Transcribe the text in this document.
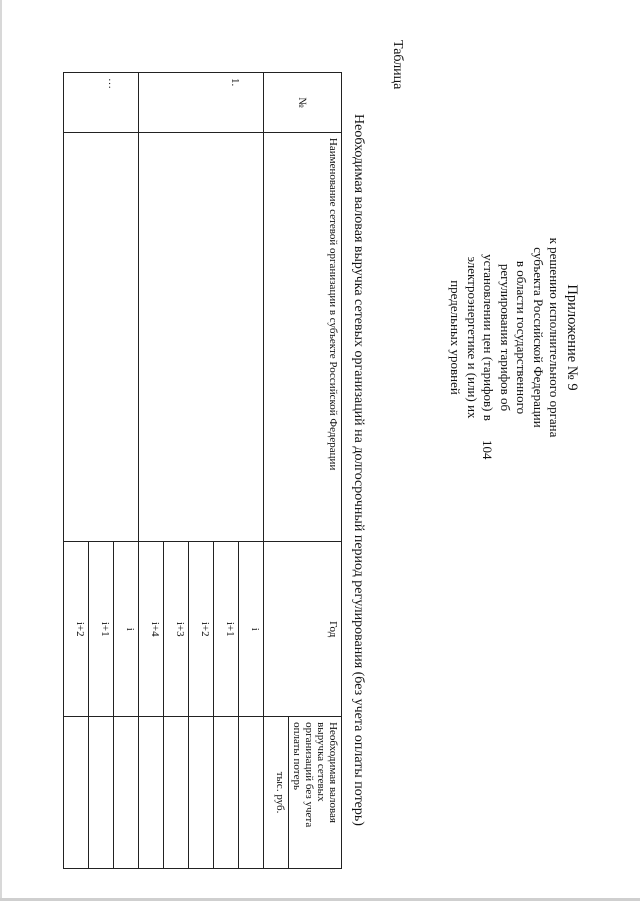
104
Приложение № 9
к решению исполнительного органа
субъекта Российской Федерации
в области государственного
регулирования тарифов об
установлении цен (тарифов) в
электроэнергетике и (или) их
предельных уровней
Таблица
Необходимая валовая выручка сетевых организаций на долгосрочный период регулирования (без учета оплаты потерь)
№	Наименование сетевой организации в субъекте Российской Федерации	Год	Необходимая валовая выручка сетевых организаций без учета оплаты потерь
			тыс. руб.
1.		i	
		i+1	
		i+2	
		i+3	
		i+4	
…		i	
		i+1	
		i+2	
